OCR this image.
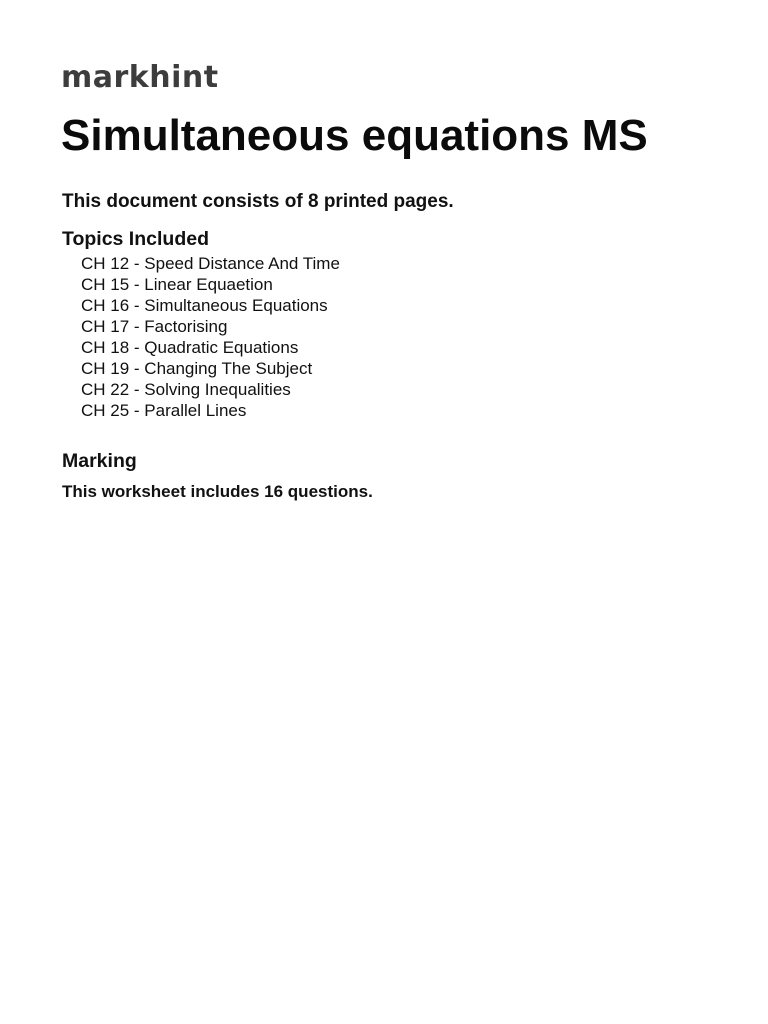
markhint
Simultaneous equations MS

This document consists of 8 printed pages.

Topics Included
CH 12 - Speed Distance And Time
CH 15 - Linear Equaetion
CH 16 - Simultaneous Equations
CH 17 - Factorising
CH 18 - Quadratic Equations
CH 19 - Changing The Subject
CH 22 - Solving Inequalities
CH 25 - Parallel Lines
Marking

This worksheet includes 16 questions.
